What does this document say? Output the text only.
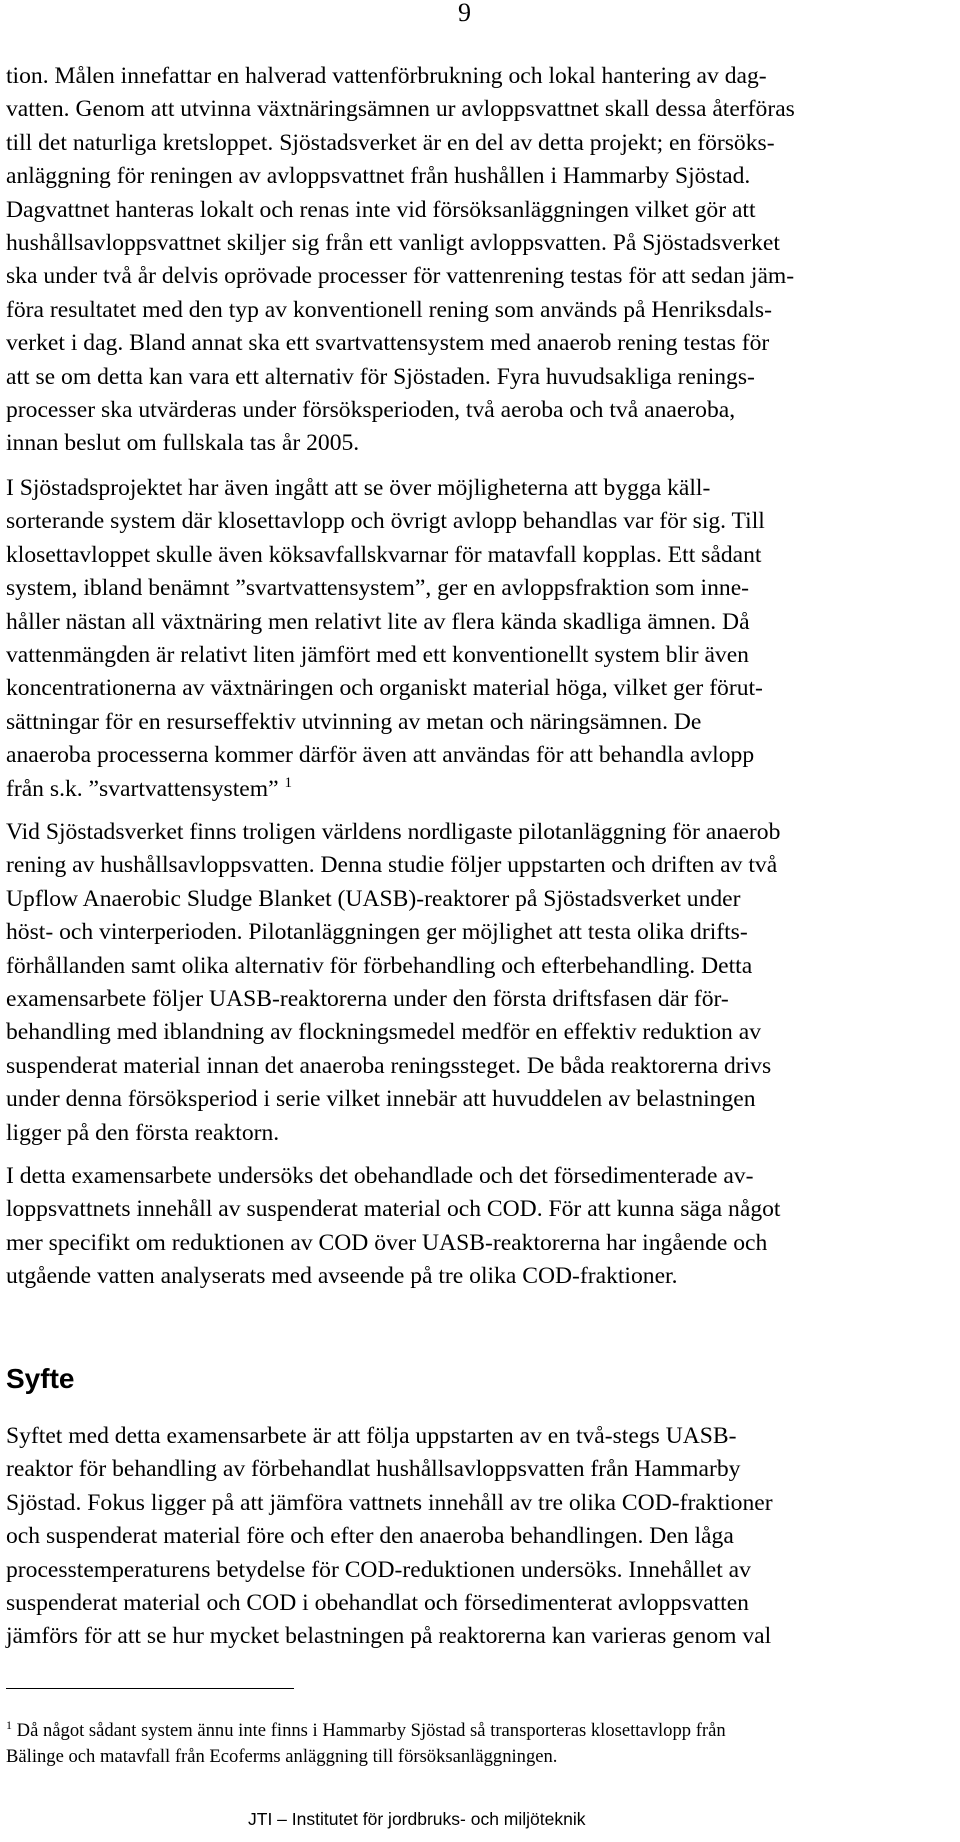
9
tion. Målen innefattar en halverad vattenförbrukning och lokal hantering av dag-
vatten. Genom att utvinna växtnäringsämnen ur avloppsvattnet skall dessa återföras
till det naturliga kretsloppet. Sjöstadsverket är en del av detta projekt; en försöks-
anläggning för reningen av avloppsvattnet från hushållen i Hammarby Sjöstad.
Dagvattnet hanteras lokalt och renas inte vid försöksanläggningen vilket gör att
hushållsavloppsvattnet skiljer sig från ett vanligt avloppsvatten. På Sjöstadsverket
ska under två år delvis oprövade processer för vattenrening testas för att sedan jäm-
föra resultatet med den typ av konventionell rening som används på Henriksdals-
verket i dag. Bland annat ska ett svartvattensystem med anaerob rening testas för
att se om detta kan vara ett alternativ för Sjöstaden. Fyra huvudsakliga renings-
processer ska utvärderas under försöksperioden, två aeroba och två anaeroba,
innan beslut om fullskala tas år 2005.
I Sjöstadsprojektet har även ingått att se över möjligheterna att bygga käll-
sorterande system där klosettavlopp och övrigt avlopp behandlas var för sig. Till
klosettavloppet skulle även köksavfallskvarnar för matavfall kopplas. Ett sådant
system, ibland benämnt ”svartvattensystem”, ger en avloppsfraktion som inne-
håller nästan all växtnäring men relativt lite av flera kända skadliga ämnen. Då
vattenmängden är relativt liten jämfört med ett konventionellt system blir även
koncentrationerna av växtnäringen och organiskt material höga, vilket ger förut-
sättningar för en resurseffektiv utvinning av metan och näringsämnen. De
anaeroba processerna kommer därför även att användas för att behandla avlopp
från s.k. ”svartvattensystem” $^1$
Vid Sjöstadsverket finns troligen världens nordligaste pilotanläggning för anaerob
rening av hushållsavloppsvatten. Denna studie följer uppstarten och driften av två
Upflow Anaerobic Sludge Blanket (UASB)-reaktorer på Sjöstadsverket under
höst- och vinterperioden. Pilotanläggningen ger möjlighet att testa olika drifts-
förhållanden samt olika alternativ för förbehandling och efterbehandling. Detta
examensarbete följer UASB-reaktorerna under den första driftsfasen där för-
behandling med iblandning av flockningsmedel medför en effektiv reduktion av
suspenderat material innan det anaeroba reningssteget. De båda reaktorerna drivs
under denna försöksperiod i serie vilket innebär att huvuddelen av belastningen
ligger på den första reaktorn.
I detta examensarbete undersöks det obehandlade och det försedimenterade av-
loppsvattnets innehåll av suspenderat material och COD. För att kunna säga något
mer specifikt om reduktionen av COD över UASB-reaktorerna har ingående och
utgående vatten analyserats med avseende på tre olika COD-fraktioner.
Syfte
Syftet med detta examensarbete är att följa uppstarten av en två-stegs UASB-
reaktor för behandling av förbehandlat hushållsavloppsvatten från Hammarby
Sjöstad. Fokus ligger på att jämföra vattnets innehåll av tre olika COD-fraktioner
och suspenderat material före och efter den anaeroba behandlingen. Den låga
processtemperaturens betydelse för COD-reduktionen undersöks. Innehållet av
suspenderat material och COD i obehandlat och försedimenterat avloppsvatten
jämförs för att se hur mycket belastningen på reaktorerna kan varieras genom val
$^1$ Då något sådant system ännu inte finns i Hammarby Sjöstad så transporteras klosettavlopp från
Bälinge och matavfall från Ecoferms anläggning till försöksanläggningen.
JTI – Institutet för jordbruks- och miljöteknik
